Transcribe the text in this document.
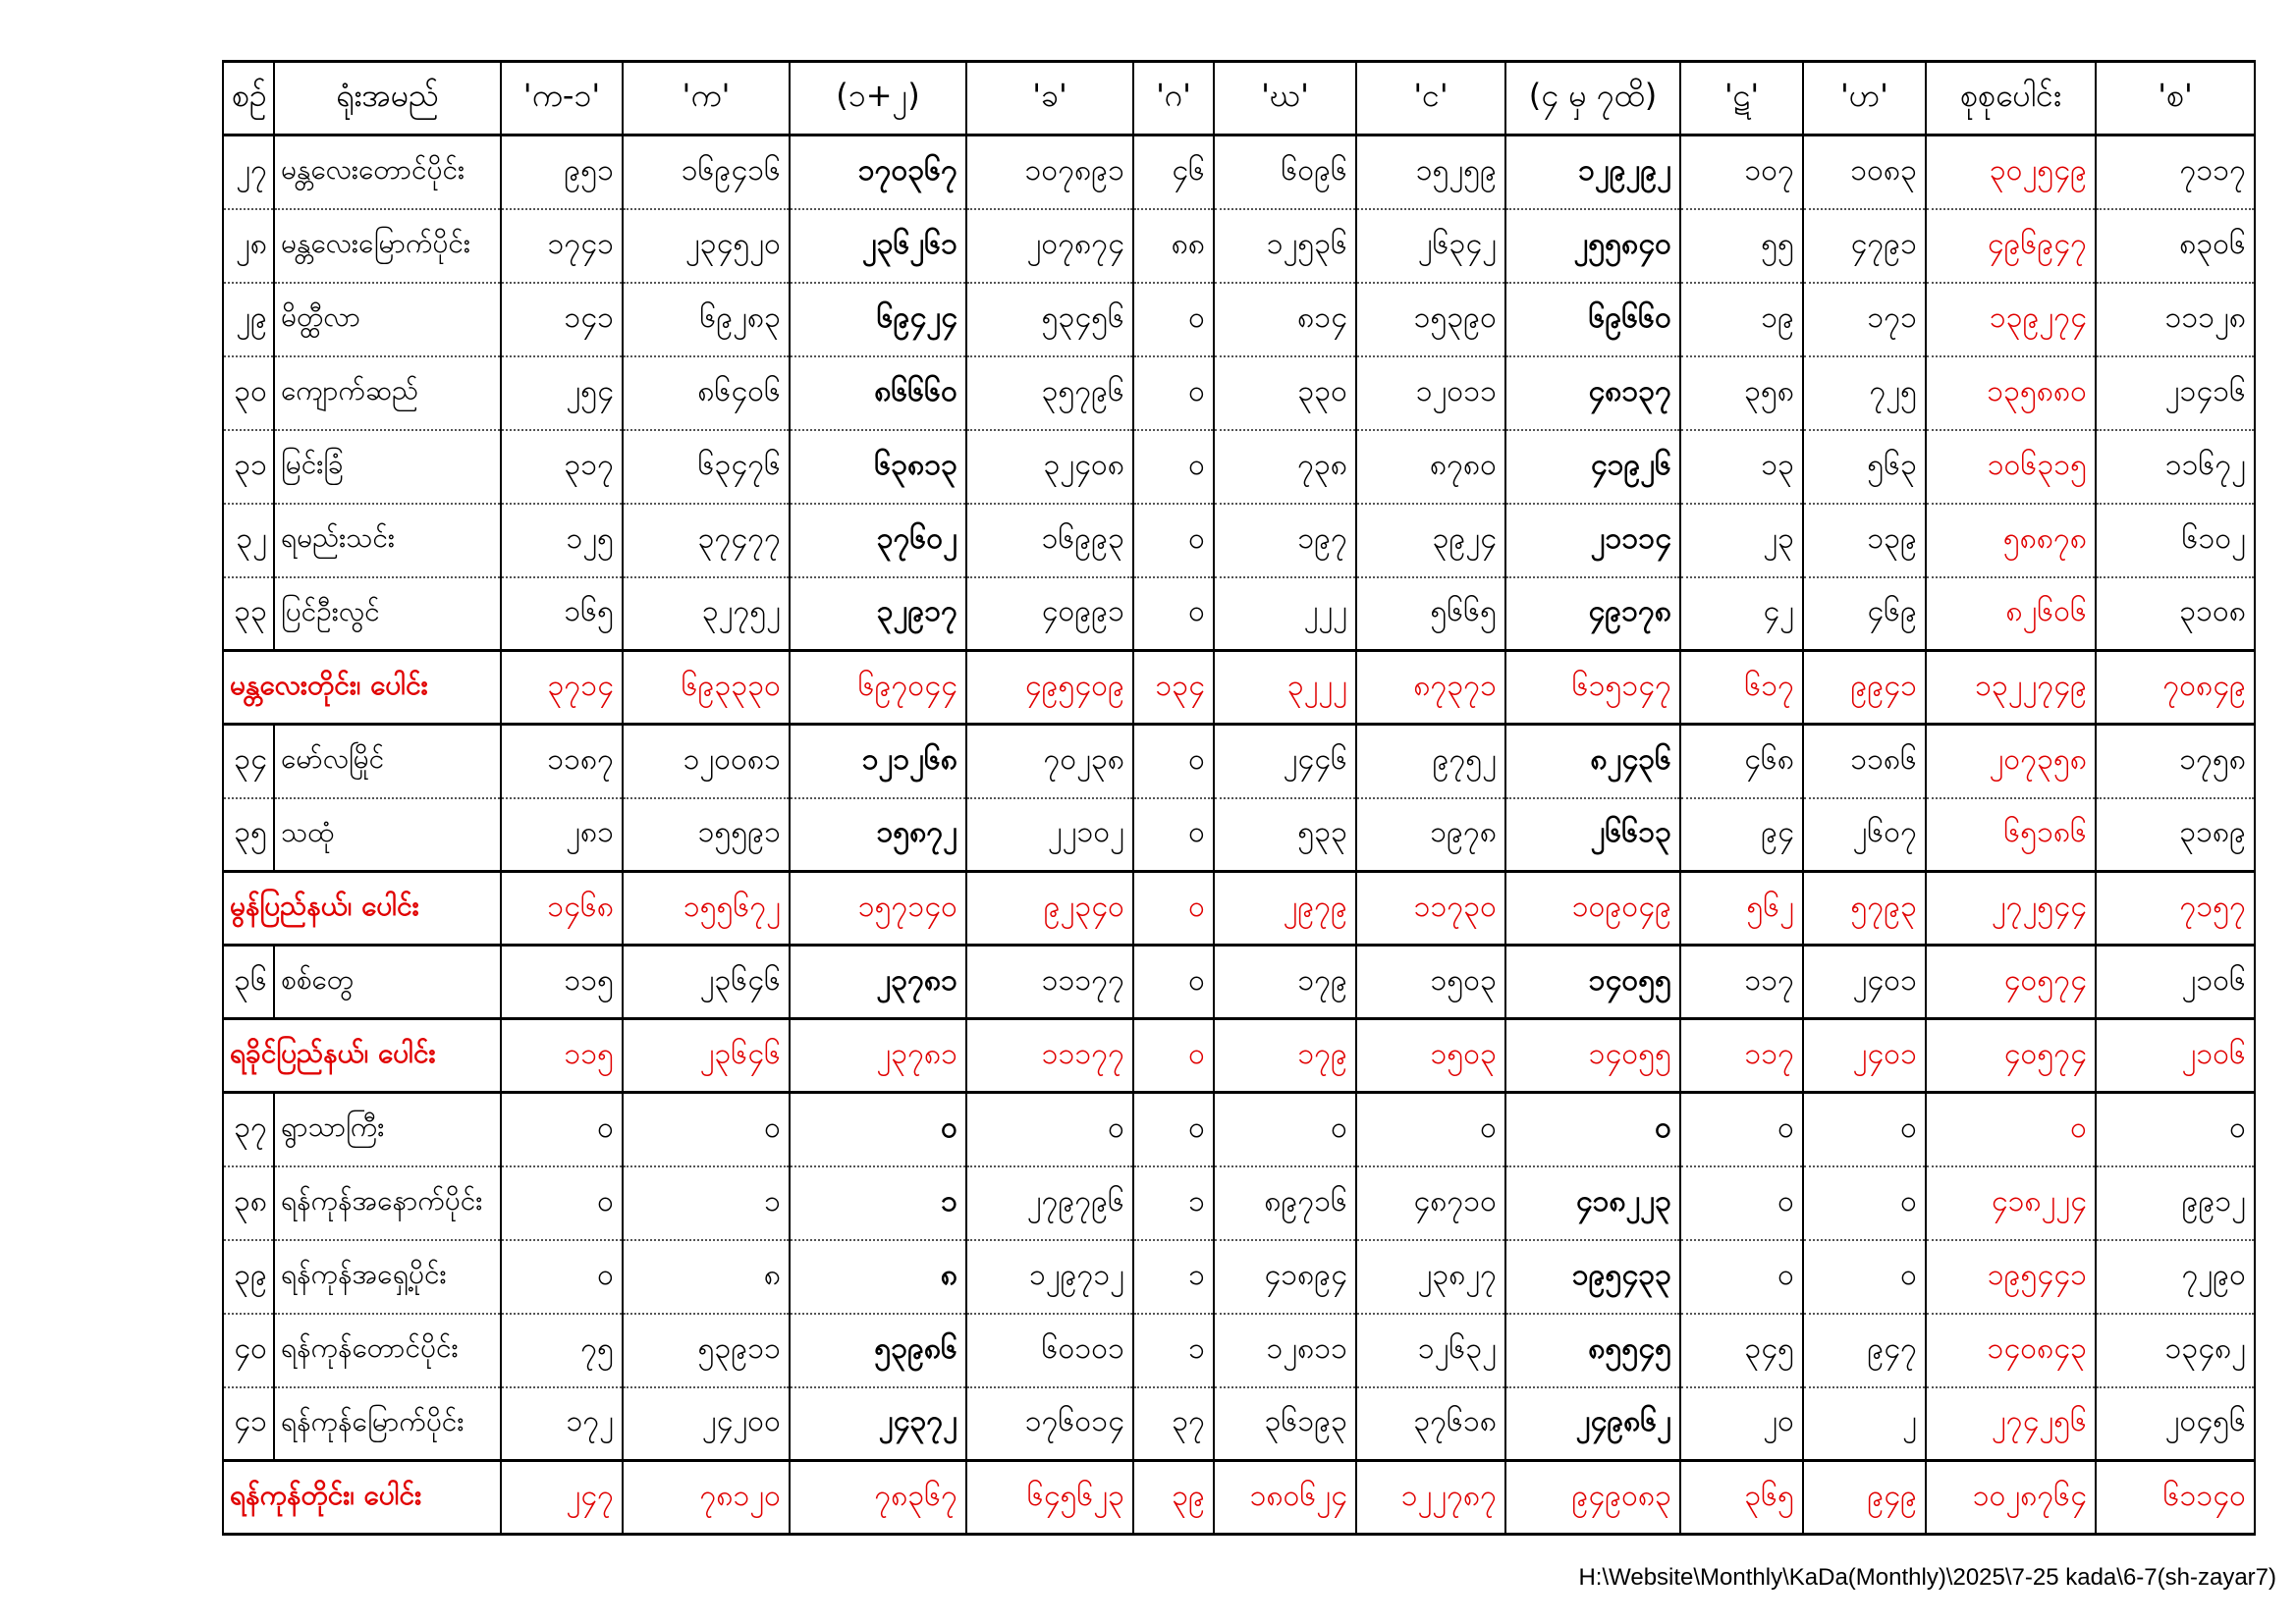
စဉ်	ရုံးအမည်	'က-၁'	'က'	(၁+၂)	'ခ'	'ဂ'	'ဃ'	'င'	(၄ မှ ၇ထိ)	'ဋ'	'ဟ'	စုစုပေါင်း	'စ'
၂၇	မန္တလေးတောင်ပိုင်း	၉၅၁	၁၆၉၄၁၆	၁၇၀၃၆၇	၁၀၇၈၉၁	၄၆	၆၀၉၆	၁၅၂၅၉	၁၂၉၂၉၂	၁၀၇	၁၀၈၃	၃၀၂၅၄၉	၇၁၁၇
၂၈	မန္တလေးမြောက်ပိုင်း	၁၇၄၁	၂၃၄၅၂၀	၂၃၆၂၆၁	၂၀၇၈၇၄	၈၈	၁၂၅၃၆	၂၆၃၄၂	၂၅၅၈၄၀	၅၅	၄၇၉၁	၄၉၆၉၄၇	၈၃၀၆
၂၉	မိတ္ထီလာ	၁၄၁	၆၉၂၈၃	၆၉၄၂၄	၅၃၄၅၆	၀	၈၁၄	၁၅၃၉၀	၆၉၆၆၀	၁၉	၁၇၁	၁၃၉၂၇၄	၁၁၁၂၈
၃၀	ကျောက်ဆည်	၂၅၄	၈၆၄၀၆	၈၆၆၆၀	၃၅၇၉၆	၀	၃၃၀	၁၂၀၁၁	၄၈၁၃၇	၃၅၈	၇၂၅	၁၃၅၈၈၀	၂၁၄၁၆
၃၁	မြင်းခြံ	၃၁၇	၆၃၄၇၆	၆၃၈၁၃	၃၂၄၀၈	၀	၇၃၈	၈၇၈၀	၄၁၉၂၆	၁၃	၅၆၃	၁၀၆၃၁၅	၁၁၆၇၂
၃၂	ရမည်းသင်း	၁၂၅	၃၇၄၇၇	၃၇၆၀၂	၁၆၉၉၃	၀	၁၉၇	၃၉၂၄	၂၁၁၁၄	၂၃	၁၃၉	၅၈၈၇၈	၆၁၀၂
၃၃	ပြင်ဦးလွင်	၁၆၅	၃၂၇၅၂	၃၂၉၁၇	၄၀၉၉၁	၀	၂၂၂	၅၆၆၅	၄၉၁၇၈	၄၂	၄၆၉	၈၂၆၀၆	၃၁၀၈
မန္တလေးတိုင်း၊ ပေါင်း		၃၇၁၄	၆၉၃၃၃၀	၆၉၇၀၄၄	၄၉၅၄၀၉	၁၃၄	၃၂၂၂	၈၇၃၇၁	၆၁၅၁၄၇	၆၁၇	၉၉၄၁	၁၃၂၂၇၄၉	၇၀၈၄၉
၃၄	မော်လမြိုင်	၁၁၈၇	၁၂၀၀၈၁	၁၂၁၂၆၈	၇၀၂၃၈	၀	၂၄၄၆	၉၇၅၂	၈၂၄၃၆	၄၆၈	၁၁၈၆	၂၀၇၃၅၈	၁၇၅၈
၃၅	သထုံ	၂၈၁	၁၅၅၉၁	၁၅၈၇၂	၂၂၁၀၂	၀	၅၃၃	၁၉၇၈	၂၆၆၁၃	၉၄	၂၆၀၇	၆၅၁၈၆	၃၁၈၉
မွန်ပြည်နယ်၊ ပေါင်း		၁၄၆၈	၁၅၅၆၇၂	၁၅၇၁၄၀	၉၂၃၄၀	၀	၂၉၇၉	၁၁၇၃၀	၁၀၉၀၄၉	၅၆၂	၅၇၉၃	၂၇၂၅၄၄	၇၁၅၇
၃၆	စစ်တွေ	၁၁၅	၂၃၆၄၆	၂၃၇၈၁	၁၁၁၇၇	၀	၁၇၉	၁၅၀၃	၁၄၀၅၅	၁၁၇	၂၄၀၁	၄၀၅၇၄	၂၁၀၆
ရခိုင်ပြည်နယ်၊ ပေါင်း		၁၁၅	၂၃၆၄၆	၂၃၇၈၁	၁၁၁၇၇	၀	၁၇၉	၁၅၀၃	၁၄၀၅၅	၁၁၇	၂၄၀၁	၄၀၅၇၄	၂၁၀၆
၃၇	ရွာသာကြီး	၀	၀	၀	၀	၀	၀	၀	၀	၀	၀	၀	၀
၃၈	ရန်ကုန်အနောက်ပိုင်း	၀	၁	၁	၂၇၉၇၉၆	၁	၈၉၇၁၆	၄၈၇၁၀	၄၁၈၂၂၃	၀	၀	၄၁၈၂၂၄	၉၉၁၂
၃၉	ရန်ကုန်အရှေ့ပိုင်း	၀	၈	၈	၁၂၉၇၁၂	၁	၄၁၈၉၄	၂၃၈၂၇	၁၉၅၄၃၃	၀	၀	၁၉၅၄၄၁	၇၂၉၀
၄၀	ရန်ကုန်တောင်ပိုင်း	၇၅	၅၃၉၁၁	၅၃၉၈၆	၆၀၁၀၁	၁	၁၂၈၁၁	၁၂၆၃၂	၈၅၅၄၅	၃၄၅	၉၄၇	၁၄၀၈၄၃	၁၃၄၈၂
၄၁	ရန်ကုန်မြောက်ပိုင်း	၁၇၂	၂၄၂၀၀	၂၄၃၇၂	၁၇၆၀၁၄	၃၇	၃၆၁၉၃	၃၇၆၁၈	၂၄၉၈၆၂	၂၀	၂	၂၇၄၂၅၆	၂၀၄၅၆
ရန်ကုန်တိုင်း၊ ပေါင်း		၂၄၇	၇၈၁၂၀	၇၈၃၆၇	၆၄၅၆၂၃	၃၉	၁၈၀၆၂၄	၁၂၂၇၈၇	၉၄၉၀၈၃	၃၆၅	၉၄၉	၁၀၂၈၇၆၄	၆၁၁၄၀
H:\Website\Monthly\KaDa(Monthly)\2025\7-25 kada\6-7(sh-zayar7)
